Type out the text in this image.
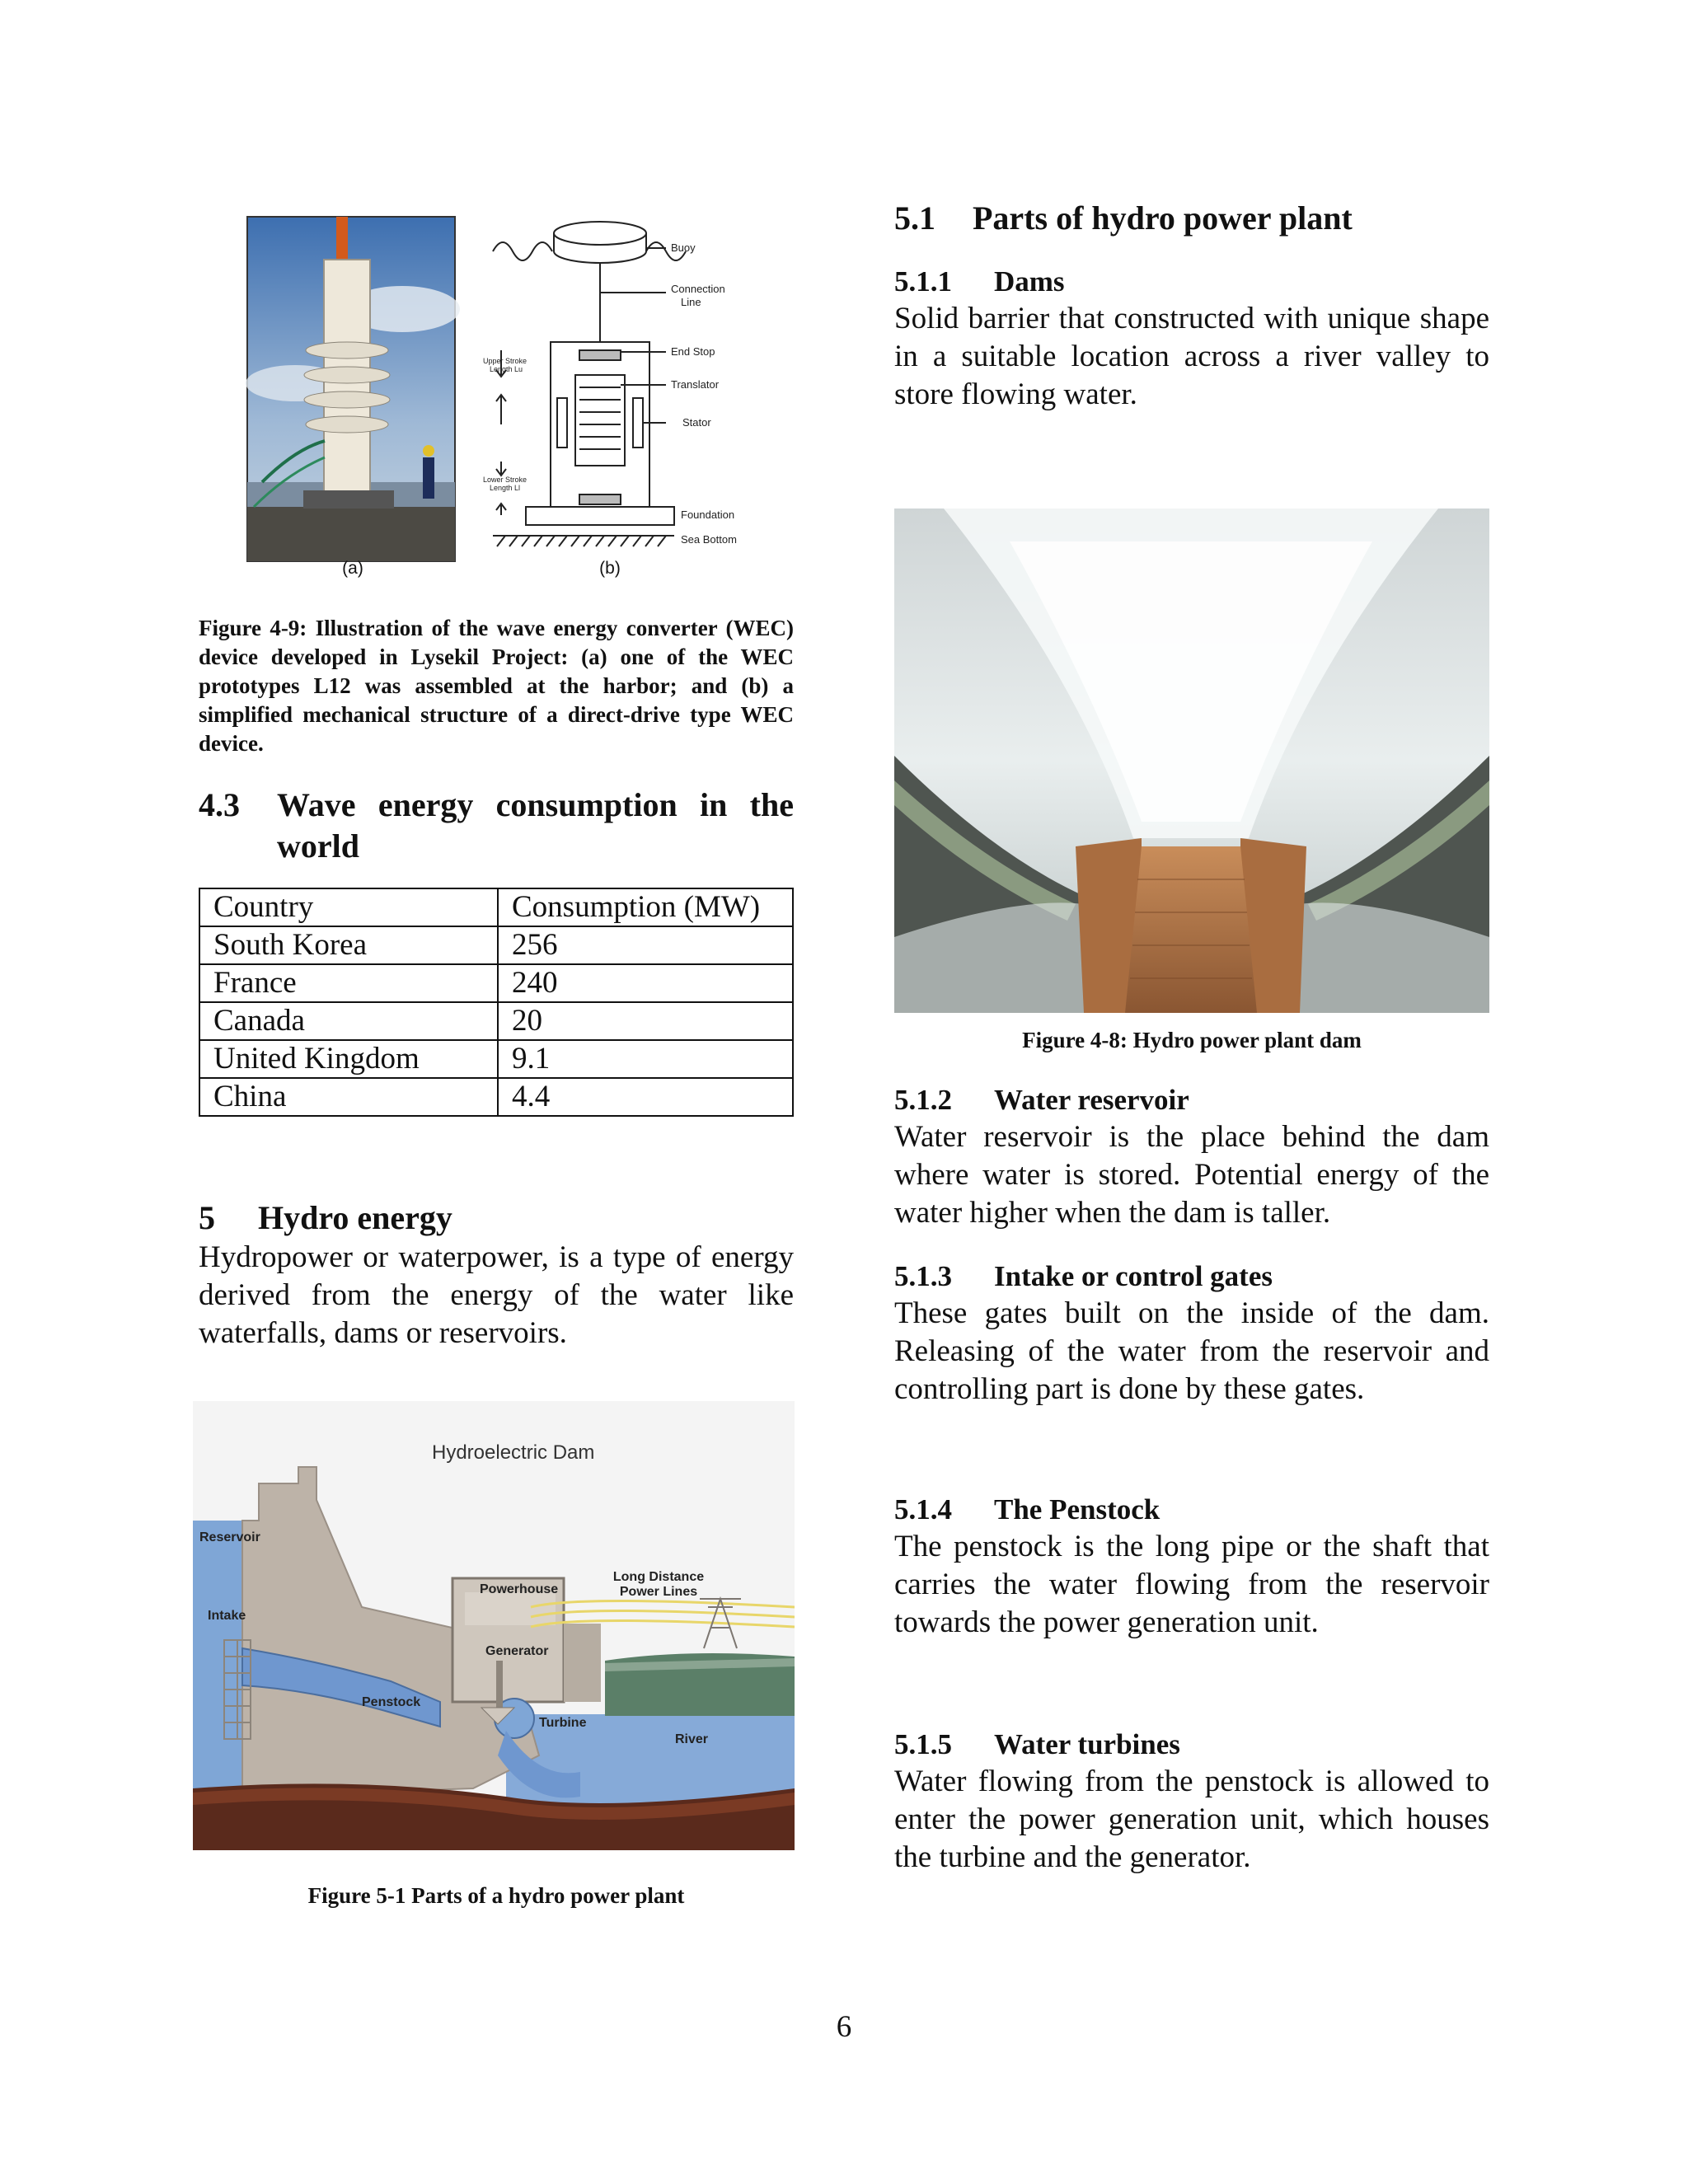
(a)
Buoy
Connection
Line
End Stop
Translator
Stator
Foundation
Sea Bottom
Upper Stroke
Length Lu
Lower Stroke
Length Ll
(b)
Figure 4-9: Illustration of the wave energy converter (WEC) device developed in Lysekil Project: (a) one of the WEC prototypes L12 was assembled at the harbor; and (b) a simplified mechanical structure of a direct-drive type WEC device.
4.3	Wave energy consumption in the
world
Country	Consumption (MW)
South Korea	256
France	240
Canada	20
United Kingdom	9.1
China	4.4
5	Hydro energy

Hydropower or waterpower, is a type of energy derived from the energy of the water like waterfalls, dams or reservoirs.

Reservoir
Intake
Powerhouse
Generator
Penstock
Turbine
Long Distance
Power Lines
River
Hydroelectric Dam
Figure 5-1 Parts of a hydro power plant
5.1	Parts of hydro power plant
5.1.1	Dams

Solid barrier that constructed with unique shape in a suitable location across a river valley to store flowing water.

Figure 4-8: Hydro power plant dam
5.1.2	Water reservoir

Water reservoir is the place behind the dam where water is stored. Potential energy of the water higher when the dam is taller.

5.1.3	Intake or control gates

These gates built on the inside of the dam. Releasing of the water from the reservoir and controlling part is done by these gates.

5.1.4	The Penstock

The penstock is the long pipe or the shaft that carries the water flowing from the reservoir towards the power generation unit.

5.1.5	Water turbines

Water flowing from the penstock is allowed to enter the power generation unit, which houses the turbine and the generator.

6
